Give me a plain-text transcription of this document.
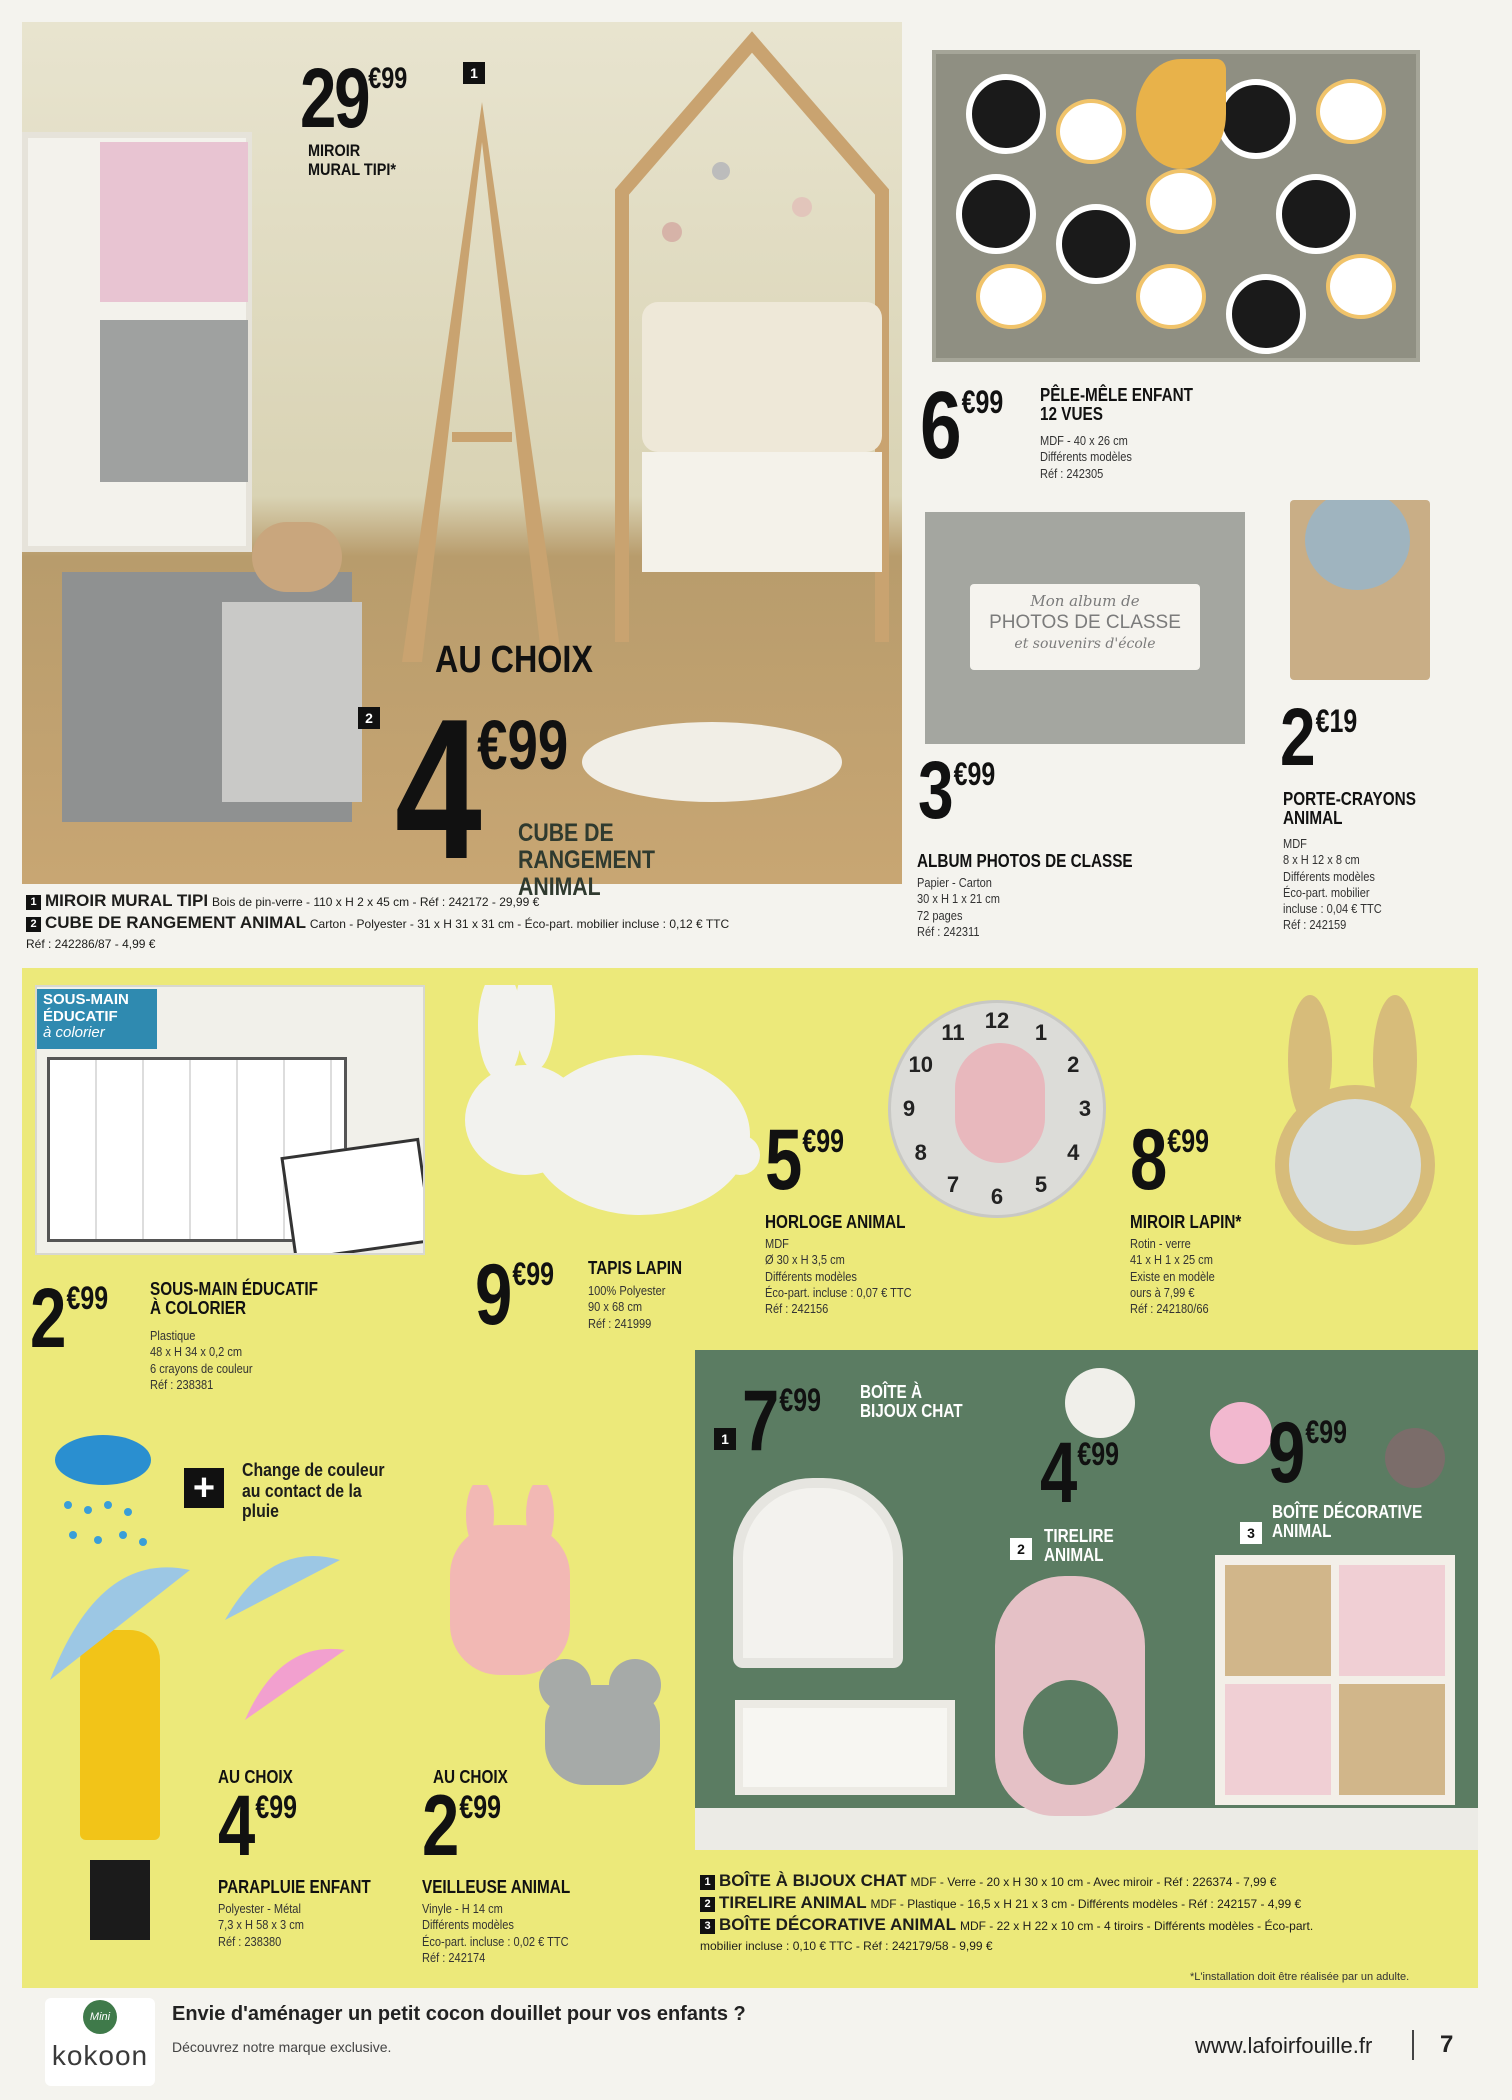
29 €99	1
MIROIR MURAL TIPI*
AU CHOIX
2 4 €99
CUBE DE RANGEMENT ANIMAL
6 €99 PÊLE-MÊLE ENFANT 12 VUES
MDF - 40 x 26 cm
Différents modèles
Réf : 242305
Mon album de
PHOTOS DE CLASSE
et souvenirs d'école
3 €99
ALBUM PHOTOS DE CLASSE
Papier - Carton
30 x H 1 x 21 cm
72 pages
Réf : 242311
2 €19
PORTE-CRAYONS ANIMAL
MDF
8 x H 12 x 8 cm
Différents modèles
Éco-part. mobilier
incluse : 0,04 € TTC
Réf : 242159
1 MIROIR MURAL TIPI Bois de pin-verre - 110 x H 2 x 45 cm - Réf : 242172 - 29,99 €
2 CUBE DE RANGEMENT ANIMAL Carton - Polyester - 31 x H 31 x 31 cm - Éco-part. mobilier incluse : 0,12 € TTC
Réf : 242286/87 - 4,99 €
SOUS-MAIN
ÉDUCATIF
à colorier
2 €99 SOUS-MAIN ÉDUCATIF À COLORIER
Plastique
48 x H 34 x 0,2 cm
6 crayons de couleur
Réf : 238381
9 €99 TAPIS LAPIN
100% Polyester
90 x 68 cm
Réf : 241999
12	1
2
3
4
5
6
7
8
9
10
11
5 €99
HORLOGE ANIMAL
MDF
Ø 30 x H 3,5 cm
Différents modèles
Éco-part. incluse : 0,07 € TTC
Réf : 242156
8 €99
MIROIR LAPIN*
Rotin - verre
41 x H 1 x 25 cm
Existe en modèle
ours à 7,99 €
Réf : 242180/66
+	Change de couleur au contact de la pluie
AU CHOIX
4 €99
PARAPLUIE ENFANT
Polyester - Métal
7,3 x H 58 x 3 cm
Réf : 238380
AU CHOIX
2 €99
VEILLEUSE ANIMAL
Vinyle - H 14 cm
Différents modèles
Éco-part. incluse : 0,02 € TTC
Réf : 242174
1 7 €99 BOÎTE À BIJOUX CHAT
4 €99
2
TIRELIRE ANIMAL
9 €99
3
BOÎTE DÉCORATIVE ANIMAL
1 BOÎTE À BIJOUX CHAT MDF - Verre - 20 x H 30 x 10 cm - Avec miroir - Réf : 226374 - 7,99 €
2 TIRELIRE ANIMAL MDF - Plastique - 16,5 x H 21 x 3 cm - Différents modèles - Réf : 242157 - 4,99 €
3 BOÎTE DÉCORATIVE ANIMAL MDF - 22 x H 22 x 10 cm - 4 tiroirs - Différents modèles - Éco-part.
mobilier incluse : 0,10 € TTC - Réf : 242179/58 - 9,99 €
*L'installation doit être réalisée par un adulte.
Mini
kokoon
Envie d'aménager un petit cocon douillet pour vos enfants ?
Découvrez notre marque exclusive.	www.lafoirfouille.fr	7
